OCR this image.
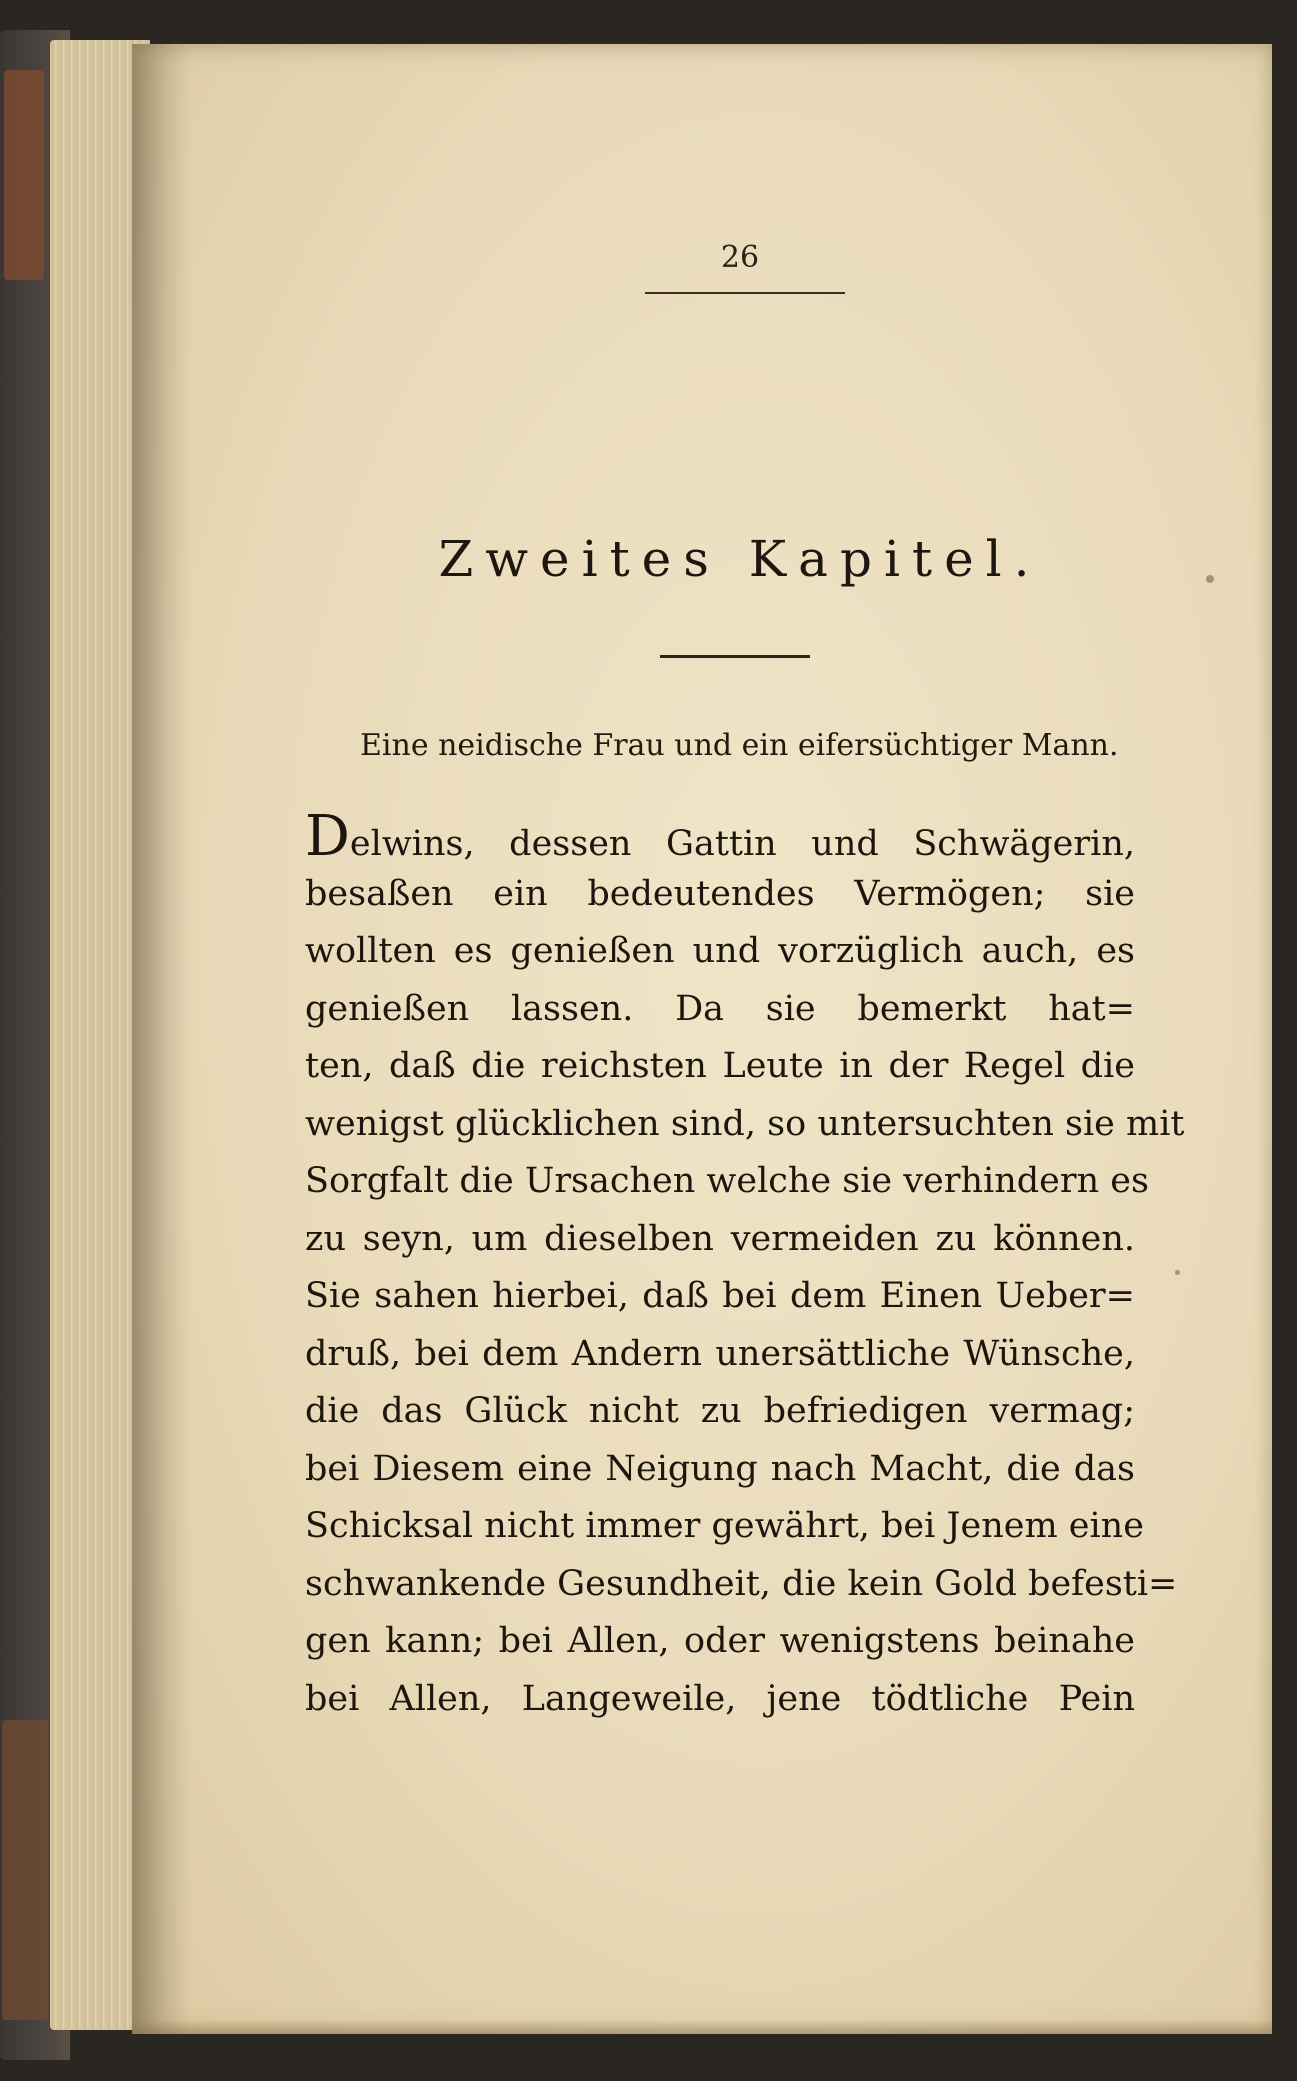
26
Zweites Kapitel.
Eine neidische Frau und ein eifersüchtiger Mann.
Delwins, dessen Gattin und Schwägerin,
besaßen ein bedeutendes Vermögen; sie
wollten es genießen und vorzüglich auch, es
genießen lassen. Da sie bemerkt hat=
ten, daß die reichsten Leute in der Regel die
wenigst glücklichen sind, so untersuchten sie mit
Sorgfalt die Ursachen welche sie verhindern es
zu seyn, um dieselben vermeiden zu können.
Sie sahen hierbei, daß bei dem Einen Ueber=
druß, bei dem Andern unersättliche Wünsche,
die das Glück nicht zu befriedigen vermag;
bei Diesem eine Neigung nach Macht, die das
Schicksal nicht immer gewährt, bei Jenem eine
schwankende Gesundheit, die kein Gold befesti=
gen kann; bei Allen, oder wenigstens beinahe
bei Allen, Langeweile, jene tödtliche Pein
